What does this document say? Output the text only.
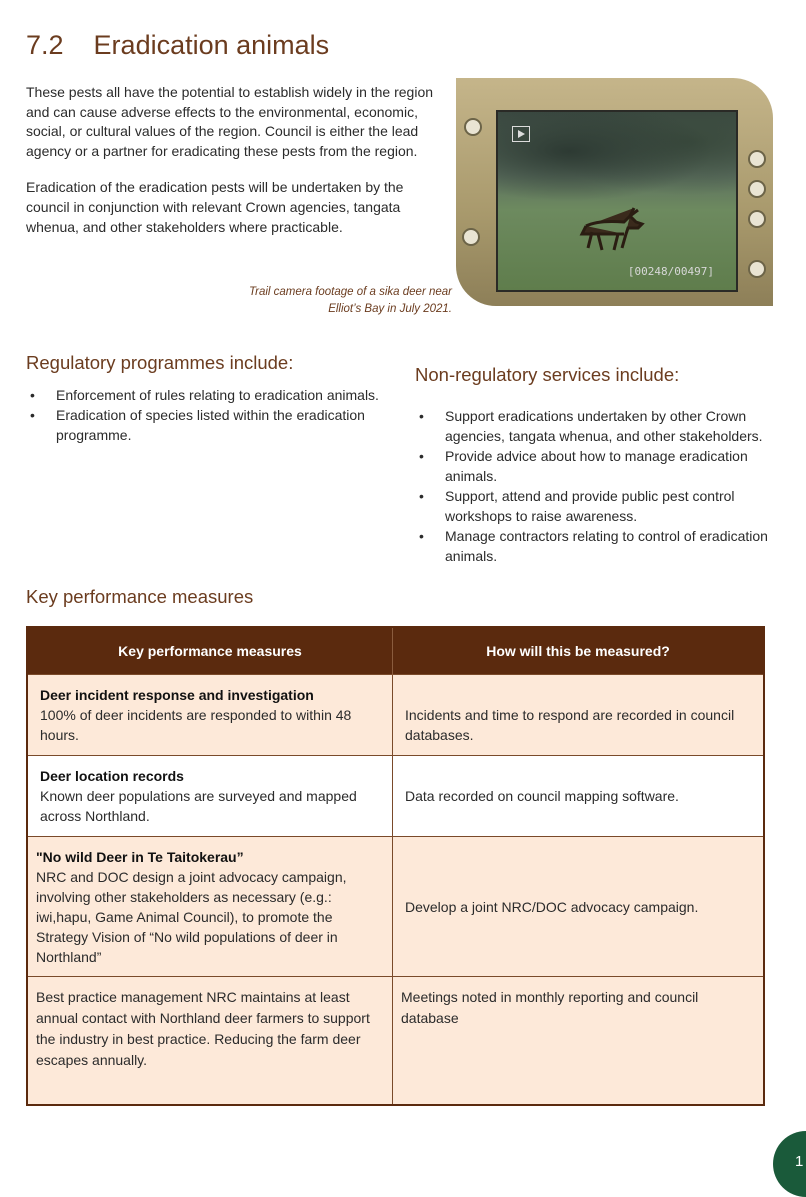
7.2 Eradication animals

These pests all have the potential to establish widely in the region and can cause adverse effects to the environmental, economic, social, or cultural values of the region. Council is either the lead agency or a partner for eradicating these pests from the region.

Eradication of the eradication pests will be undertaken by the council in conjunction with relevant Crown agencies, tangata whenua, and other stakeholders where practicable.

[00248/00497]
Trail camera footage of a sika deer near
Elliot’s Bay in July 2021.
Regulatory programmes include:
• Enforcement of rules relating to eradication animals.
• Eradication of species listed within the eradication programme.
Non-regulatory services include:
• Support eradications undertaken by other Crown agencies, tangata whenua, and other stakeholders.
• Provide advice about how to manage eradication animals.
• Support, attend and provide public pest control workshops to raise awareness.
• Manage contractors relating to control of eradication animals.
Key performance measures
Key performance measures	How will this be measured?

Deer incident response and investigation
100% of deer incidents are responded to within 48 hours.	Incidents and time to respond are recorded in council databases.

Deer location records
Known deer populations are surveyed and mapped across Northland.	Data recorded on council mapping software.

"No wild Deer in Te Taitokerau”
NRC and DOC design a joint advocacy campaign, involving other stakeholders as necessary (e.g.: iwi,hapu, Game Animal Council), to promote the Strategy Vision of “No wild populations of deer in Northland”	Develop a joint NRC/DOC advocacy campaign.
Best practice management NRC maintains at least annual contact with Northland deer farmers to support the industry in best practice. Reducing the farm deer escapes annually.	Meetings noted in monthly reporting and council database
1
